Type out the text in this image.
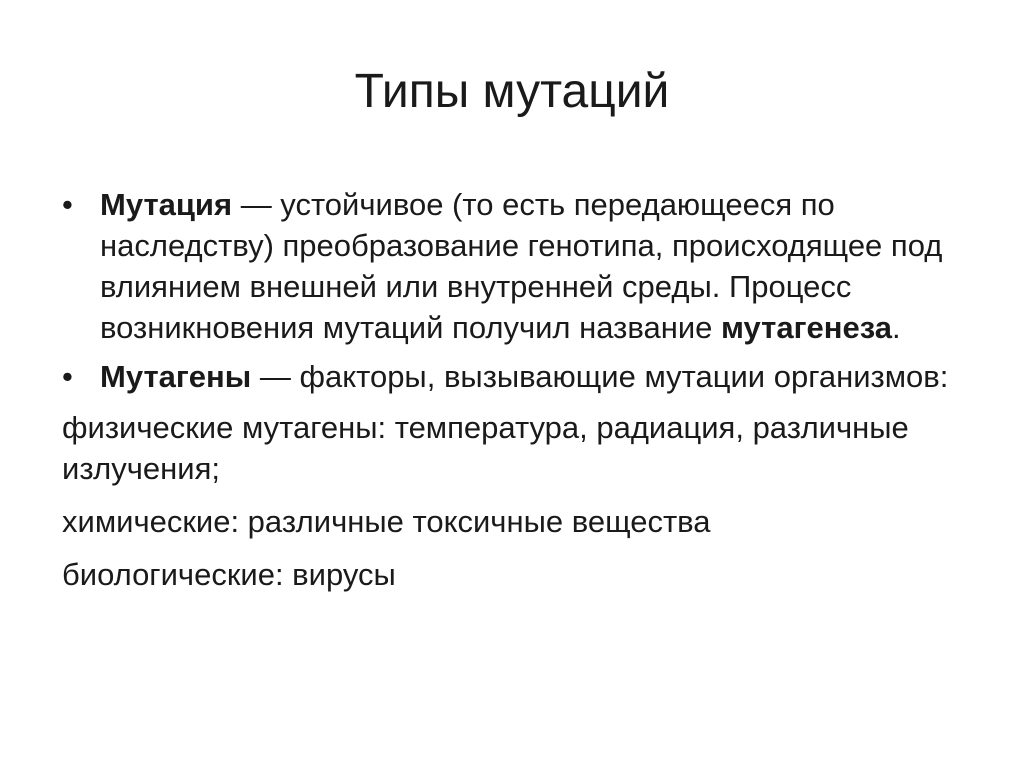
Типы мутаций
• Мутация — устойчивое (то есть передающееся по наследству) преобразование генотипа, происходящее под влиянием внешней или внутренней среды. Процесс возникновения мутаций получил название мутагенеза.
• Мутагены — факторы, вызывающие мутации организмов:
физические мутагены: температура, радиация, различные излучения;
химические: различные токсичные вещества
биологические: вирусы
